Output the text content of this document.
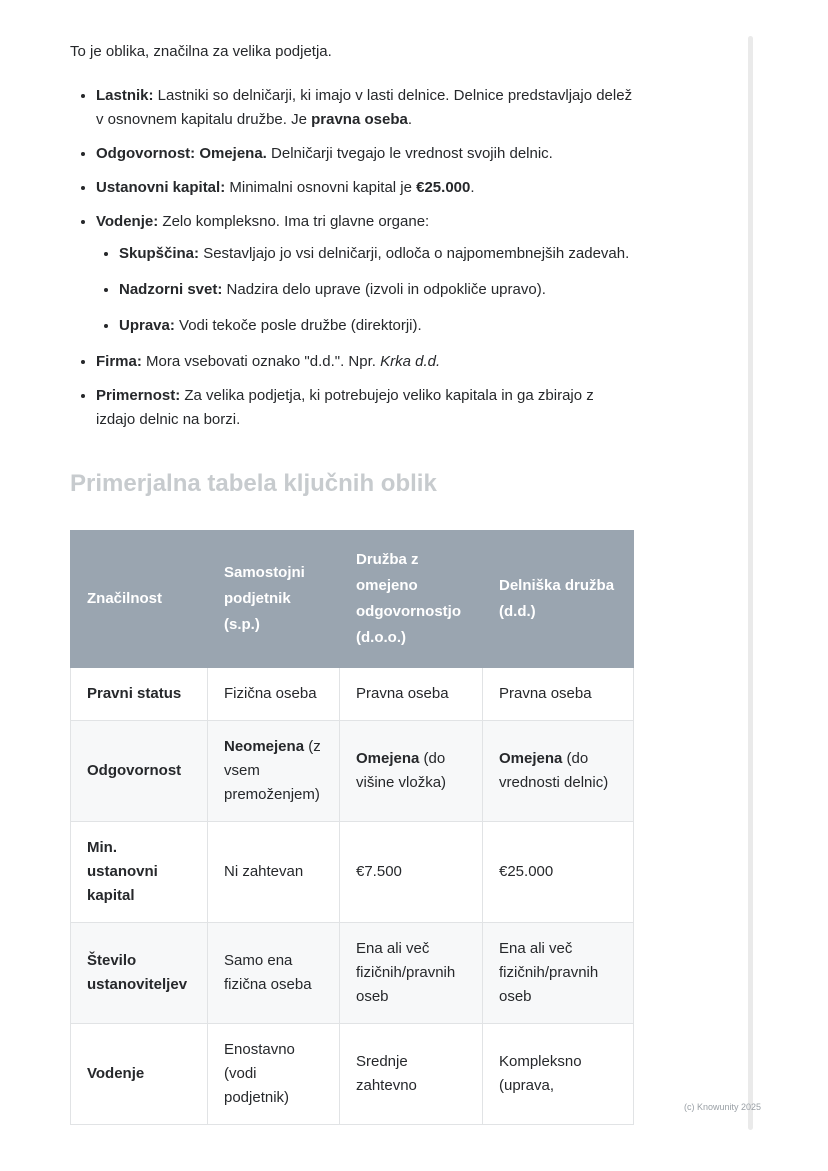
To je oblika, značilna za velika podjetja.

• Lastnik: Lastniki so delničarji, ki imajo v lasti delnice. Delnice predstavljajo delež v osnovnem kapitalu družbe. Je pravna oseba.
• Odgovornost: Omejena. Delničarji tvegajo le vrednost svojih delnic.
• Ustanovni kapital: Minimalni osnovni kapital je €25.000.
• Vodenje: Zelo kompleksno. Ima tri glavne organe:
• Skupščina: Sestavljajo jo vsi delničarji, odloča o najpomembnejših zadevah.
• Nadzorni svet: Nadzira delo uprave (izvoli in odpokliče upravo).
• Uprava: Vodi tekoče posle družbe (direktorji).
• Firma: Mora vsebovati oznako "d.d.". Npr. Krka d.d.
• Primernost: Za velika podjetja, ki potrebujejo veliko kapitala in ga zbirajo z izdajo delnic na borzi.
Primerjalna tabela ključnih oblik
Značilnost	Samostojni podjetnik (s.p.)	Družba z omejeno odgovornostjo (d.o.o.)	Delniška družba (d.d.)
Pravni status	Fizična oseba	Pravna oseba	Pravna oseba
Odgovornost	Neomejena (z vsem premoženjem)	Omejena (do višine vložka)	Omejena (do vrednosti delnic)
Min. ustanovni kapital	Ni zahtevan	€7.500	€25.000
Število ustanoviteljev	Samo ena fizična oseba	Ena ali več fizičnih/pravnih oseb	Ena ali več fizičnih/pravnih oseb
Vodenje	Enostavno (vodi podjetnik)	Srednje zahtevno	Kompleksno (uprava,
(c) Knowunity 2025
